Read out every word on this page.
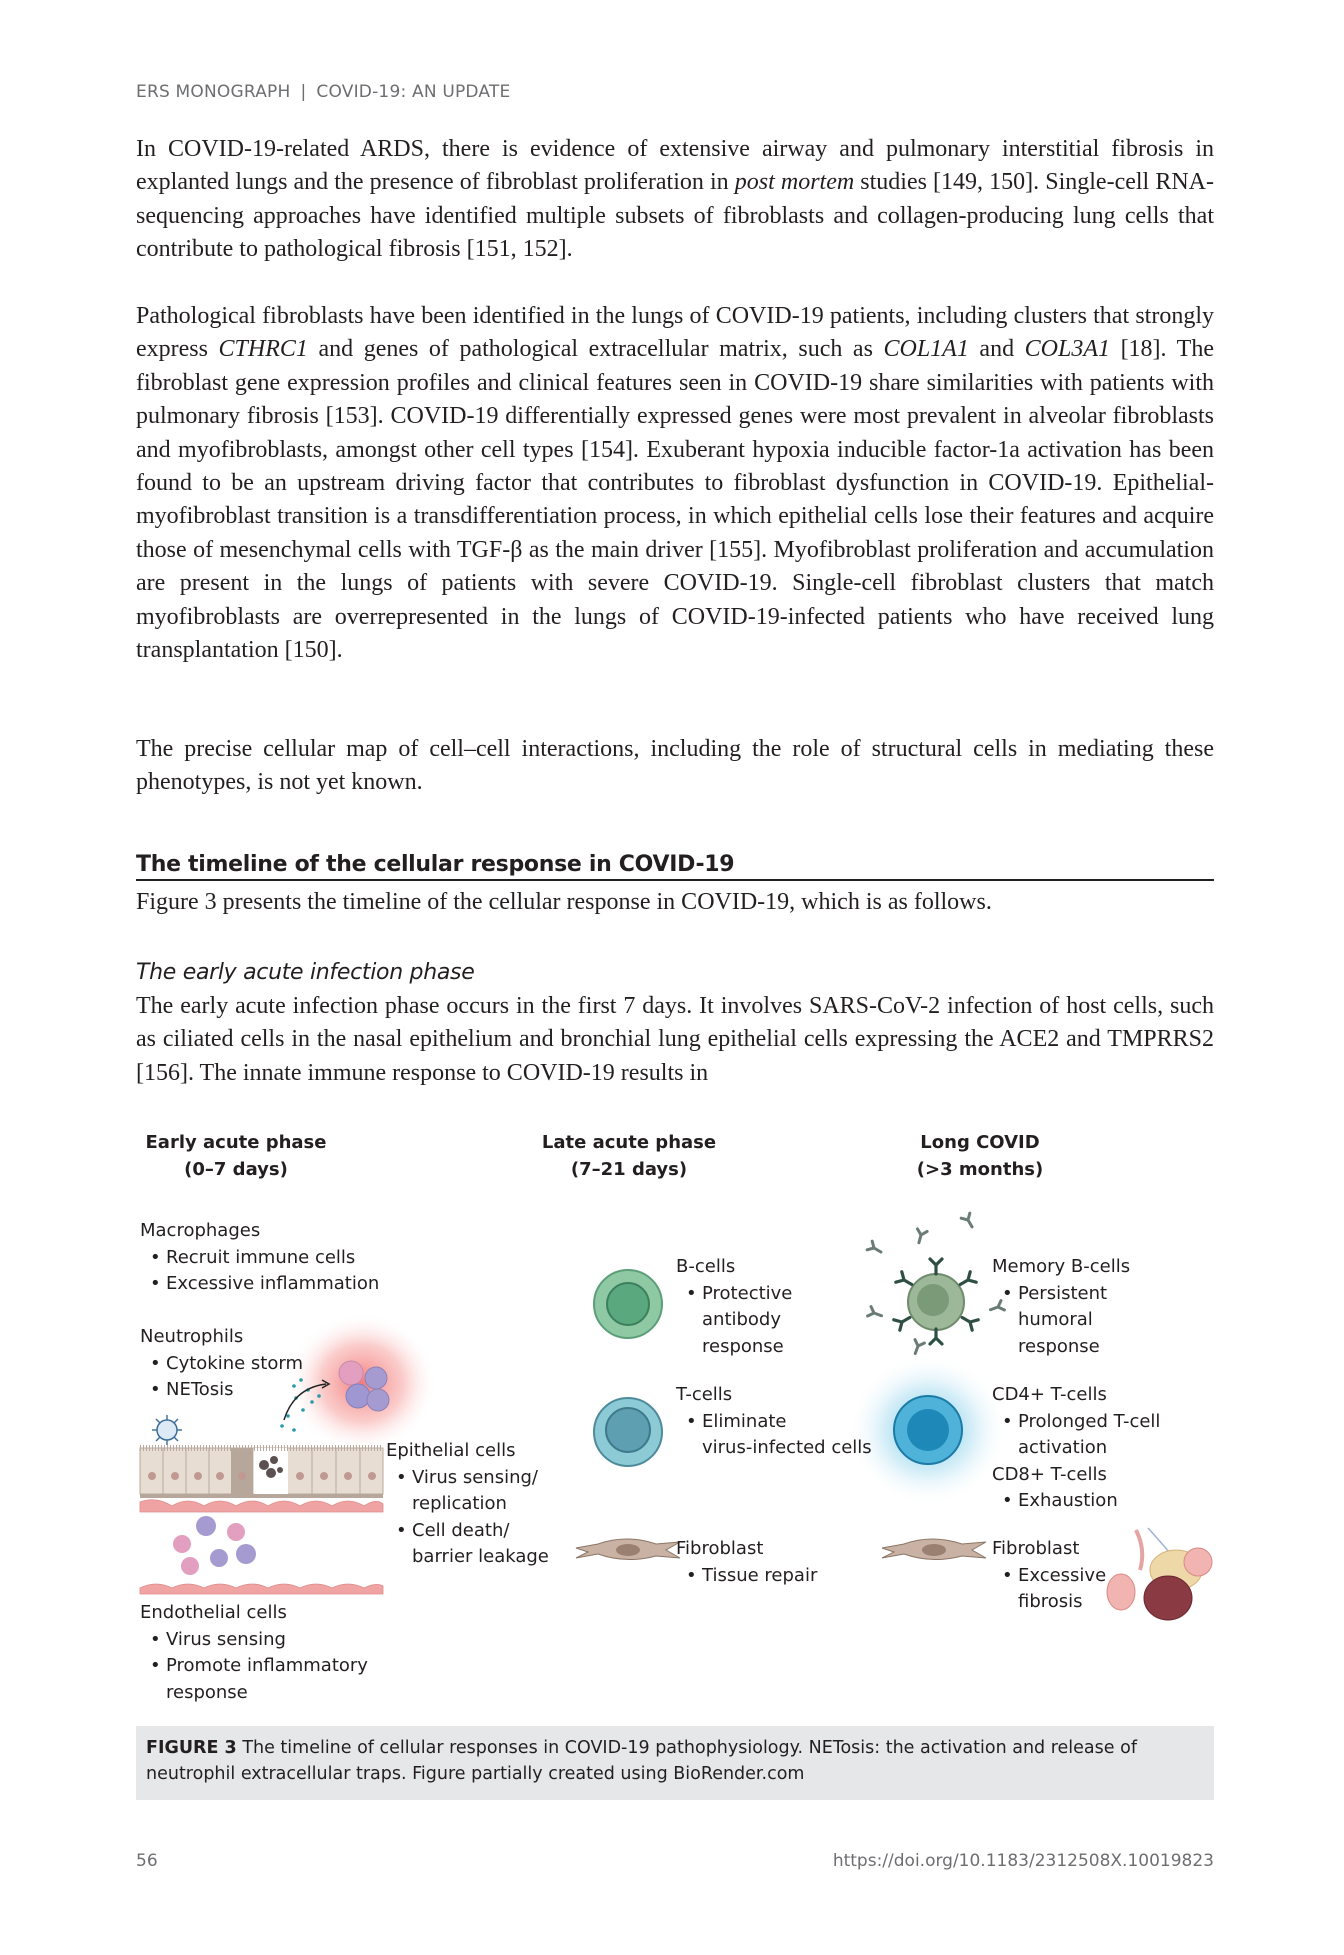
ERS MONOGRAPH | COVID-19: AN UPDATE
In COVID-19-related ARDS, there is evidence of extensive airway and pulmonary interstitial fibrosis in explanted lungs and the presence of fibroblast proliferation in post mortem studies [149, 150]. Single-cell RNA-sequencing approaches have identified multiple subsets of fibroblasts and collagen-producing lung cells that contribute to pathological fibrosis [151, 152].
Pathological fibroblasts have been identified in the lungs of COVID-19 patients, including clusters that strongly express CTHRC1 and genes of pathological extracellular matrix, such as COL1A1 and COL3A1 [18]. The fibroblast gene expression profiles and clinical features seen in COVID-19 share similarities with patients with pulmonary fibrosis [153]. COVID-19 differentially expressed genes were most prevalent in alveolar fibroblasts and myofibroblasts, amongst other cell types [154]. Exuberant hypoxia inducible factor-1a activation has been found to be an upstream driving factor that contributes to fibroblast dysfunction in COVID-19. Epithelial-myofibroblast transition is a transdifferentiation process, in which epithelial cells lose their features and acquire those of mesenchymal cells with TGF-β as the main driver [155]. Myofibroblast proliferation and accumulation are present in the lungs of patients with severe COVID-19. Single-cell fibroblast clusters that match myofibroblasts are overrepresented in the lungs of COVID-19-infected patients who have received lung transplantation [150].
The precise cellular map of cell–cell interactions, including the role of structural cells in mediating these phenotypes, is not yet known.
The timeline of the cellular response in COVID-19
Figure 3 presents the timeline of the cellular response in COVID-19, which is as follows.
The early acute infection phase
The early acute infection phase occurs in the first 7 days. It involves SARS-CoV-2 infection of host cells, such as ciliated cells in the nasal epithelium and bronchial lung epithelial cells expressing the ACE2 and TMPRRS2 [156]. The innate immune response to COVID-19 results in
Early acute phase
(0–7 days)
Late acute phase
(7–21 days)
Long COVID
(>3 months)
Macrophages
• Recruit immune cells
• Excessive inflammation
Neutrophils
• Cytokine storm
• NETosis
Epithelial cells
• Virus sensing/
replication
• Cell death/
barrier leakage
Endothelial cells
• Virus sensing
• Promote inflammatory
response
B-cells
• Protective
antibody
response
T-cells
• Eliminate
virus-infected cells
Fibroblast
• Tissue repair
Memory B-cells
• Persistent
humoral
response
CD4+ T-cells
• Prolonged T-cell
activation
CD8+ T-cells
• Exhaustion
Fibroblast
• Excessive
fibrosis
FIGURE 3 The timeline of cellular responses in COVID-19 pathophysiology. NETosis: the activation and release of neutrophil extracellular traps. Figure partially created using BioRender.com
56	https://doi.org/10.1183/2312508X.10019823
